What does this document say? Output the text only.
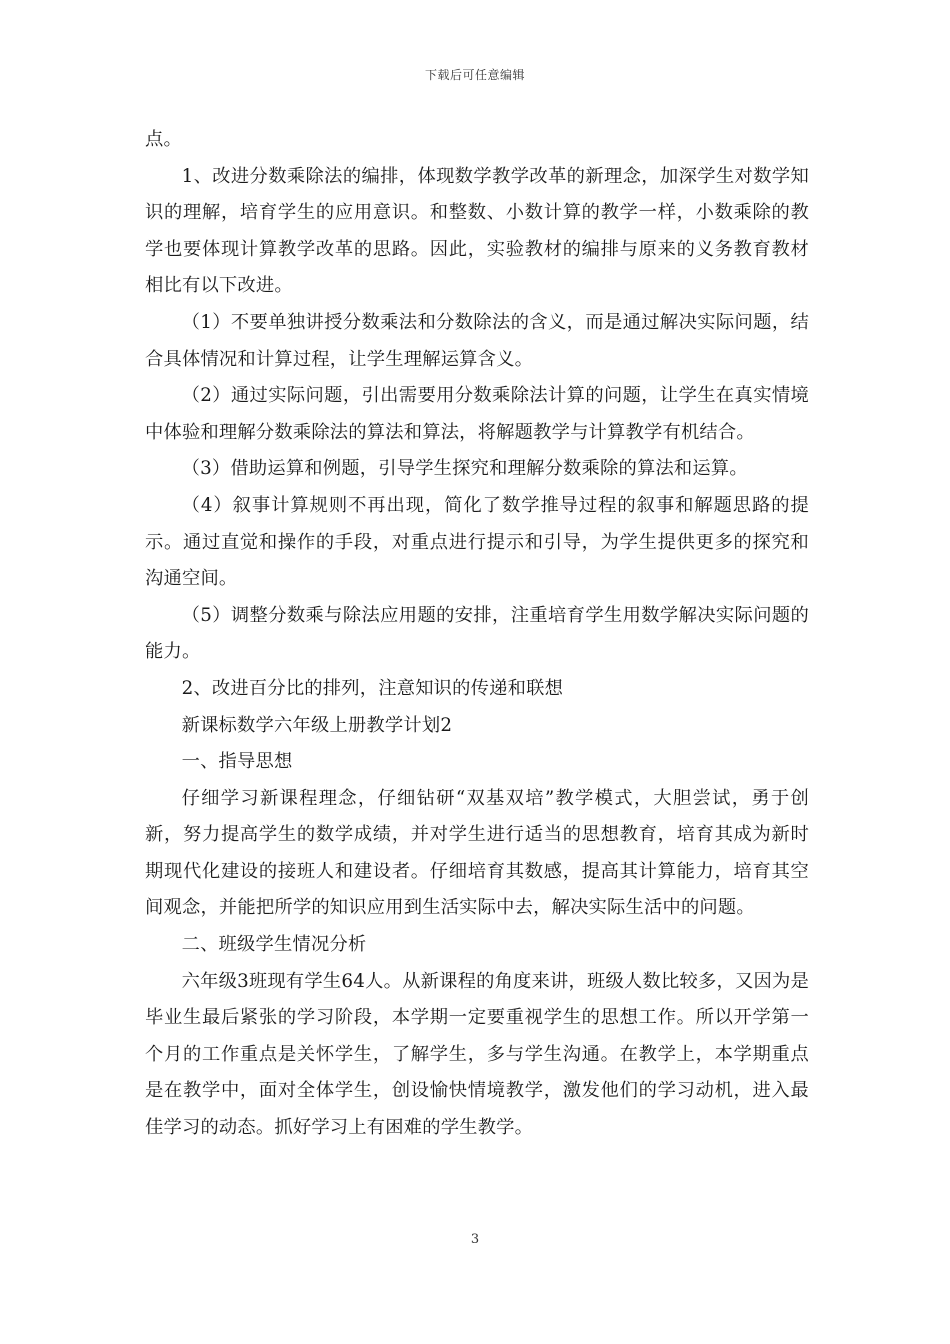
下载后可任意编辑

点。

1、改进分数乘除法的编排，体现数学教学改革的新理念，加深学生对数学知识的理解，培育学生的应用意识。和整数、小数计算的教学一样，小数乘除的教学也要体现计算教学改革的思路。因此，实验教材的编排与原来的义务教育教材相比有以下改进。

（1）不要单独讲授分数乘法和分数除法的含义，而是通过解决实际问题，结合具体情况和计算过程，让学生理解运算含义。

（2）通过实际问题，引出需要用分数乘除法计算的问题，让学生在真实情境中体验和理解分数乘除法的算法和算法，将解题教学与计算教学有机结合。

（3）借助运算和例题，引导学生探究和理解分数乘除的算法和运算。

（4）叙事计算规则不再出现，简化了数学推导过程的叙事和解题思路的提示。通过直觉和操作的手段，对重点进行提示和引导，为学生提供更多的探究和沟通空间。

（5）调整分数乘与除法应用题的安排，注重培育学生用数学解决实际问题的能力。

2、改进百分比的排列，注意知识的传递和联想

新课标数学六年级上册教学计划2

一、指导思想

仔细学习新课程理念，仔细钻研“双基双培”教学模式，大胆尝试，勇于创新，努力提高学生的数学成绩，并对学生进行适当的思想教育，培育其成为新时期现代化建设的接班人和建设者。仔细培育其数感，提高其计算能力，培育其空间观念，并能把所学的知识应用到生活实际中去，解决实际生活中的问题。

二、班级学生情况分析

六年级3班现有学生64人。从新课程的角度来讲，班级人数比较多，又因为是毕业生最后紧张的学习阶段，本学期一定要重视学生的思想工作。所以开学第一个月的工作重点是关怀学生，了解学生，多与学生沟通。在教学上，本学期重点是在教学中，面对全体学生，创设愉快情境教学，激发他们的学习动机，进入最佳学习的动态。抓好学习上有困难的学生教学。

3
